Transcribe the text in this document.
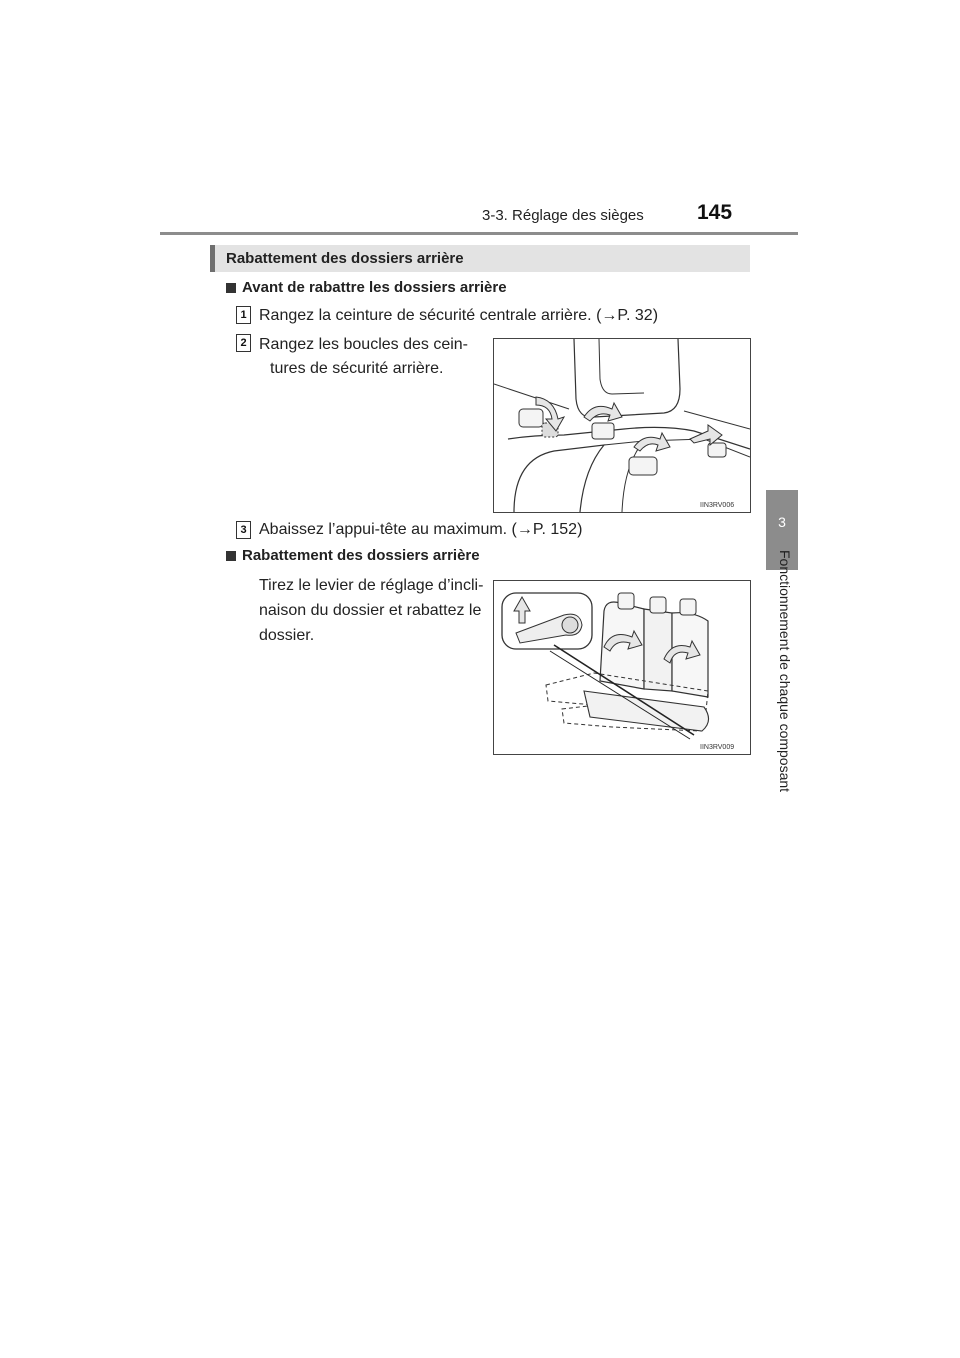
3-3. Réglage des sièges	145
3
Fonctionnement de chaque composant
Rabattement des dossiers arrière
Avant de rabattre les dossiers arrière
1 Rangez la ceinture de sécurité centrale arrière. (→P. 32)
2 Rangez les boucles des cein-
tures de sécurité arrière.
IIN3RV006
3 Abaissez l’appui-tête au maximum. (→P. 152)
Rabattement des dossiers arrière
Tirez le levier de réglage d’incli-
naison du dossier et rabattez le
dossier.
IIN3RV009
